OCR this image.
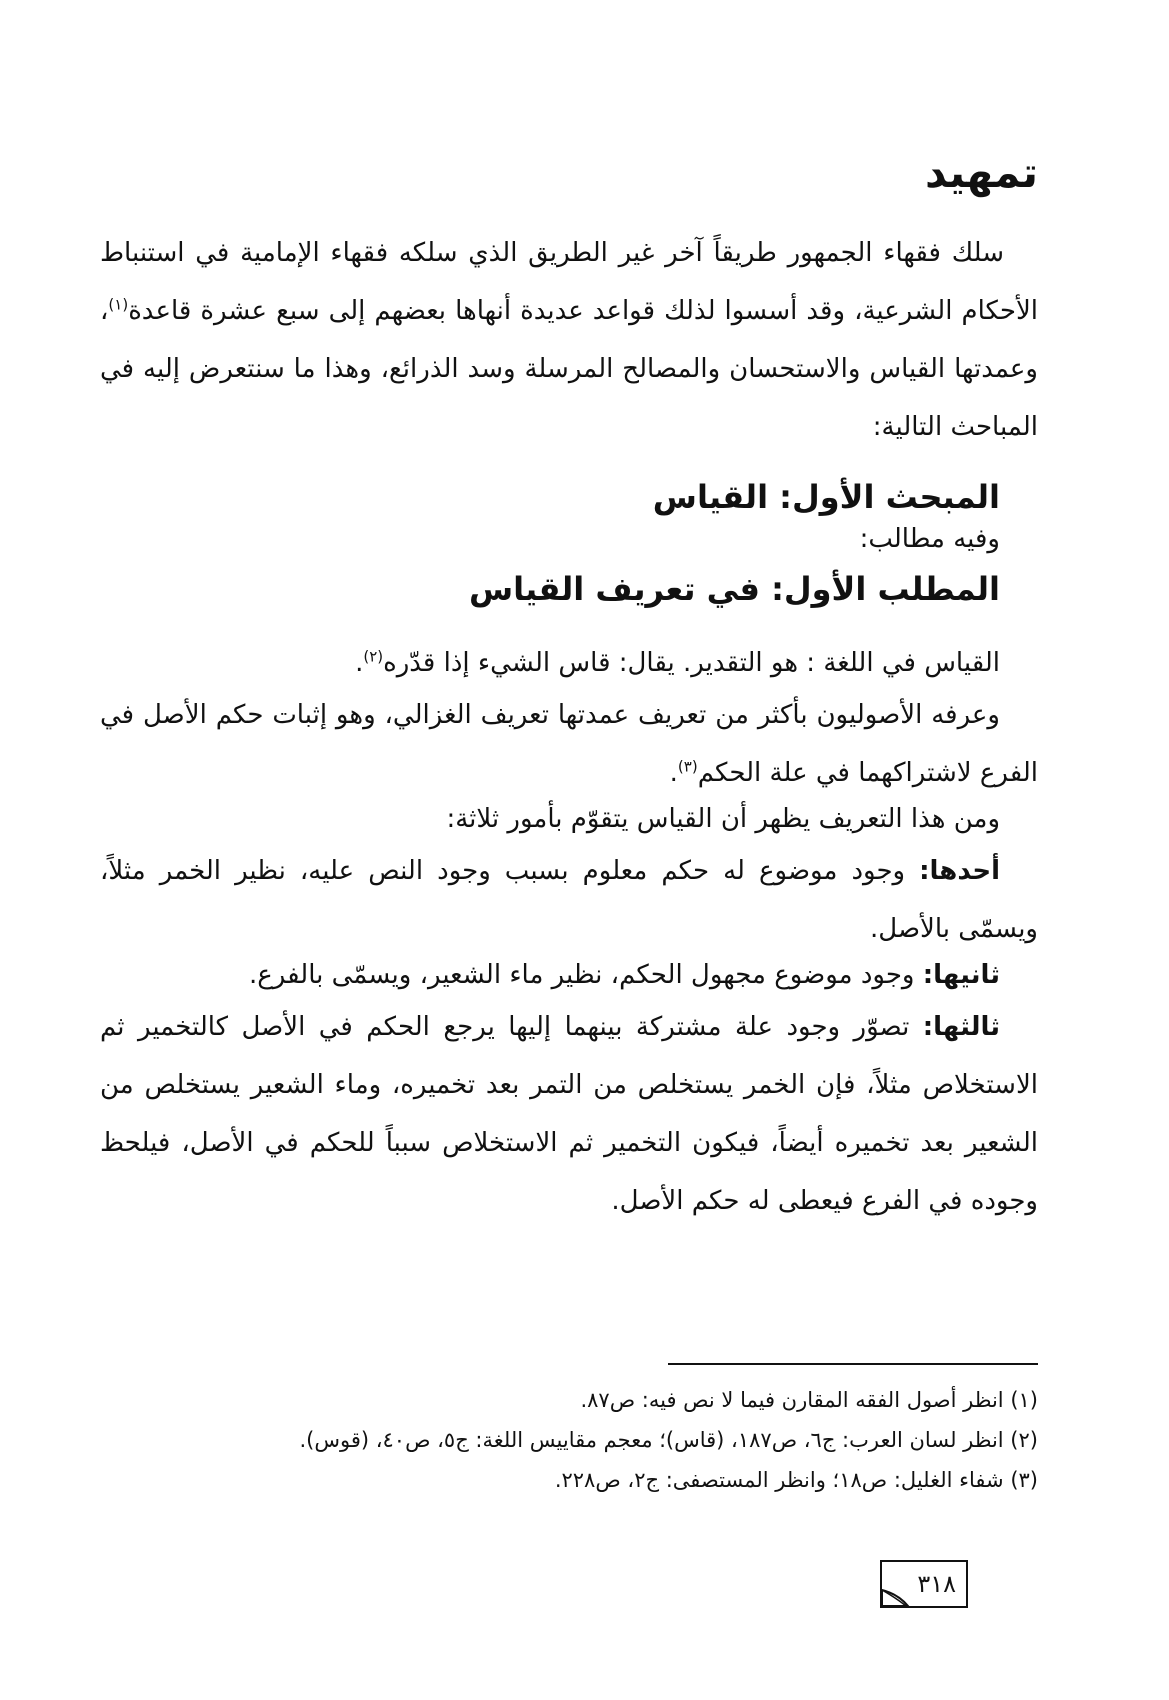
تمهيد
سلك فقهاء الجمهور طريقاً آخر غير الطريق الذي سلكه فقهاء الإمامية في استنباط الأحكام الشرعية، وقد أسسوا لذلك قواعد عديدة أنهاها بعضهم إلى سبع عشرة قاعدة$^{(١)}$، وعمدتها القياس والاستحسان والمصالح المرسلة وسد الذرائع، وهذا ما سنتعرض إليه في المباحث التالية:
المبحث الأول: القياس
وفيه مطالب:
المطلب الأول: في تعريف القياس
القياس في اللغة : هو التقدير. يقال: قاس الشيء إذا قدّره$^{(٢)}$.
وعرفه الأصوليون بأكثر من تعريف عمدتها تعريف الغزالي، وهو إثبات حكم الأصل في الفرع لاشتراكهما في علة الحكم$^{(٣)}$.
ومن هذا التعريف يظهر أن القياس يتقوّم بأمور ثلاثة:
أحدها: وجود موضوع له حكم معلوم بسبب وجود النص عليه، نظير الخمر مثلاً، ويسمّى بالأصل.
ثانيها: وجود موضوع مجهول الحكم، نظير ماء الشعير، ويسمّى بالفرع.
ثالثها: تصوّر وجود علة مشتركة بينهما إليها يرجع الحكم في الأصل كالتخمير ثم الاستخلاص مثلاً، فإن الخمر يستخلص من التمر بعد تخميره، وماء الشعير يستخلص من الشعير بعد تخميره أيضاً، فيكون التخمير ثم الاستخلاص سبباً للحكم في الأصل، فيلحظ وجوده في الفرع فيعطى له حكم الأصل.
(١) انظر أصول الفقه المقارن فيما لا نص فيه: ص٨٧.
(٢) انظر لسان العرب: ج٦، ص١٨٧، (قاس)؛ معجم مقاييس اللغة: ج٥، ص٤٠، (قوس).
(٣) شفاء الغليل: ص١٨؛ وانظر المستصفى: ج٢، ص٢٢٨.
٣١٨
